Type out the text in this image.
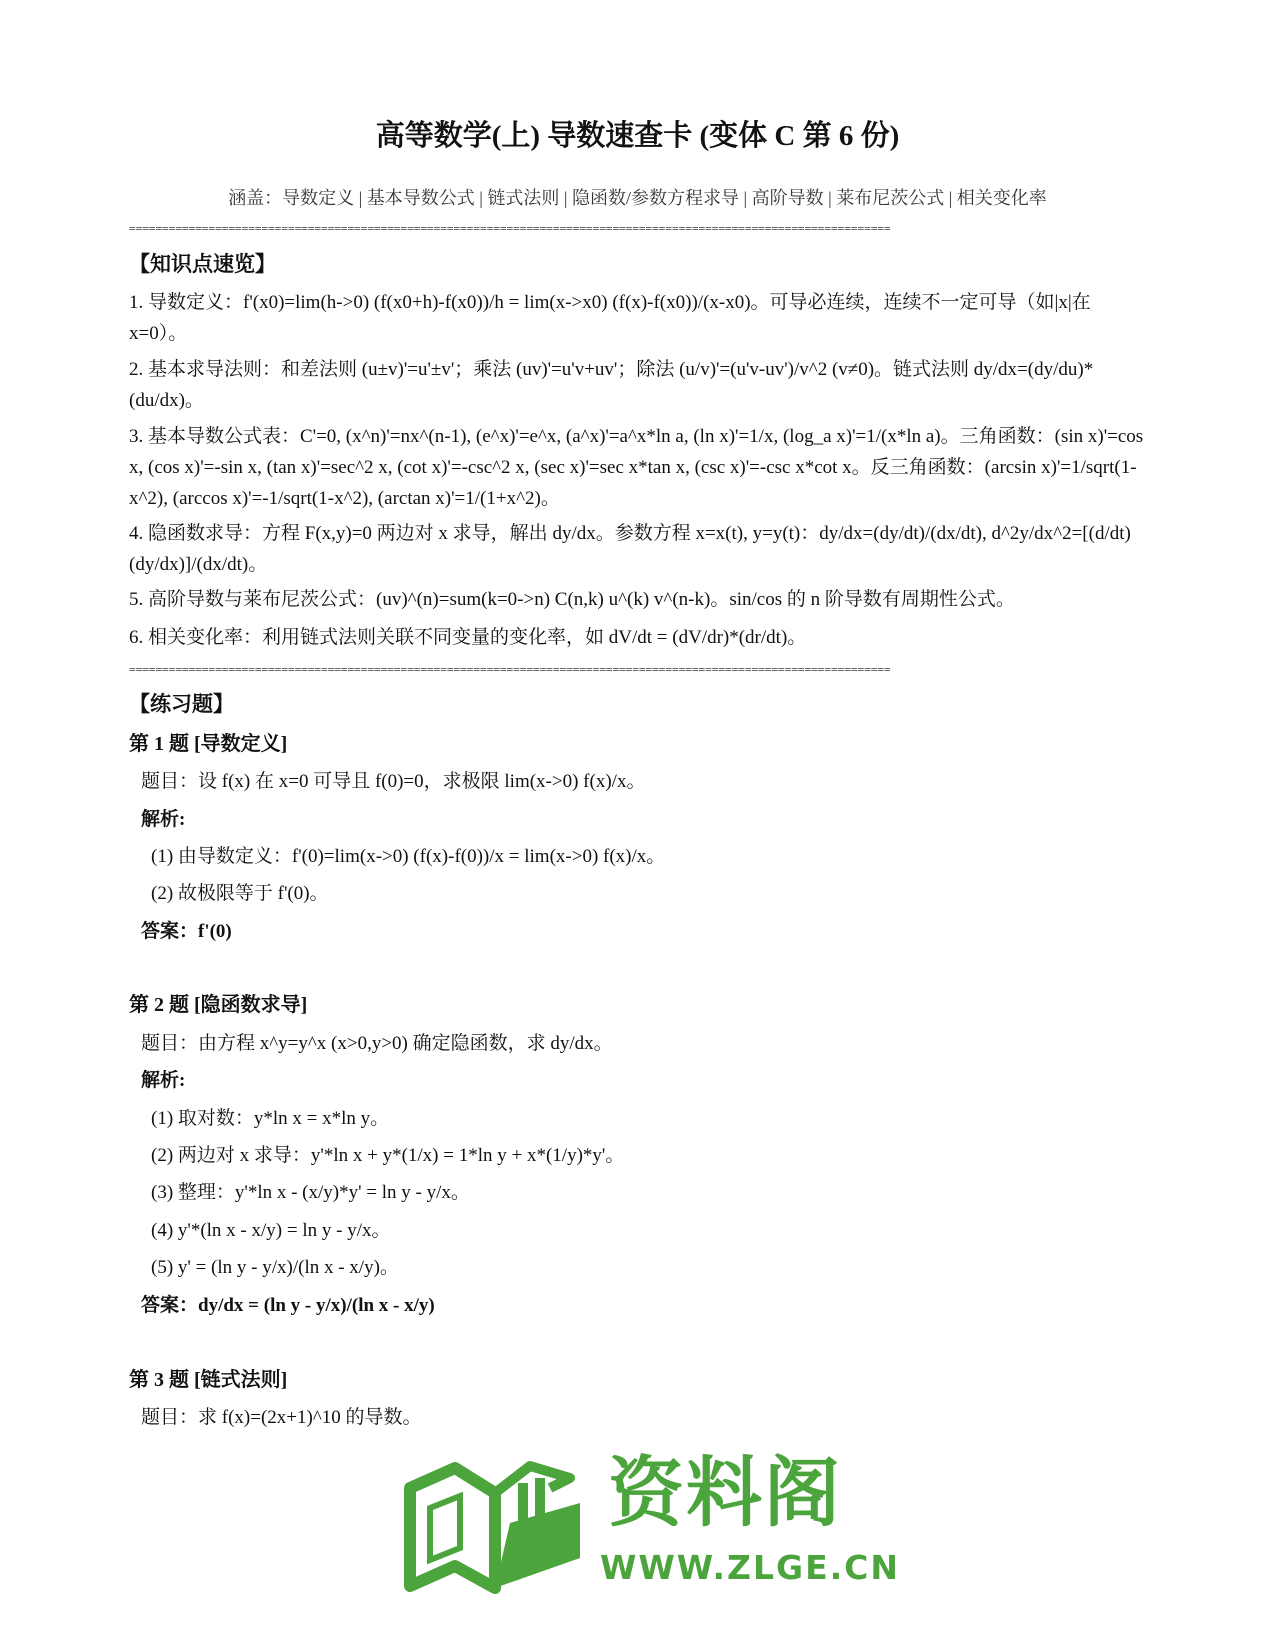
高等数学(上) 导数速查卡 (变体 C 第 6 份)
涵盖：导数定义 | 基本导数公式 | 链式法则 | 隐函数/参数方程求导 | 高阶导数 | 莱布尼茨公式 | 相关变化率
===================================================================================================================
【知识点速览】
1. 导数定义：f'(x0)=lim(h->0) (f(x0+h)-f(x0))/h = lim(x->x0) (f(x)-f(x0))/(x-x0)。可导必连续，连续不一定可导（如|x|在 x=0）。
2. 基本求导法则：和差法则 (u±v)'=u'±v'；乘法 (uv)'=u'v+uv'；除法 (u/v)'=(u'v-uv')/v^2 (v≠0)。链式法则 dy/dx=(dy/du)*(du/dx)。
3. 基本导数公式表：C'=0, (x^n)'=nx^(n-1), (e^x)'=e^x, (a^x)'=a^x*ln a, (ln x)'=1/x, (log_a x)'=1/(x*ln a)。三角函数：(sin x)'=cos x, (cos x)'=-sin x, (tan x)'=sec^2 x, (cot x)'=-csc^2 x, (sec x)'=sec x*tan x, (csc x)'=-csc x*cot x。反三角函数：(arcsin x)'=1/sqrt(1-x^2), (arccos x)'=-1/sqrt(1-x^2), (arctan x)'=1/(1+x^2)。
4. 隐函数求导：方程 F(x,y)=0 两边对 x 求导，解出 dy/dx。参数方程 x=x(t), y=y(t)：dy/dx=(dy/dt)/(dx/dt), d^2y/dx^2=[(d/dt)(dy/dx)]/(dx/dt)。
5. 高阶导数与莱布尼茨公式：(uv)^(n)=sum(k=0->n) C(n,k) u^(k) v^(n-k)。sin/cos 的 n 阶导数有周期性公式。
6. 相关变化率：利用链式法则关联不同变量的变化率，如 dV/dt = (dV/dr)*(dr/dt)。
===================================================================================================================
【练习题】
第 1 题 [导数定义]
题目：设 f(x) 在 x=0 可导且 f(0)=0，求极限 lim(x->0) f(x)/x。
解析:
(1) 由导数定义：f'(0)=lim(x->0) (f(x)-f(0))/x = lim(x->0) f(x)/x。
(2) 故极限等于 f'(0)。
答案：f'(0)
第 2 题 [隐函数求导]
题目：由方程 x^y=y^x (x>0,y>0) 确定隐函数，求 dy/dx。
解析:
(1) 取对数：y*ln x = x*ln y。
(2) 两边对 x 求导：y'*ln x + y*(1/x) = 1*ln y + x*(1/y)*y'。
(3) 整理：y'*ln x - (x/y)*y' = ln y - y/x。
(4) y'*(ln x - x/y) = ln y - y/x。
(5) y' = (ln y - y/x)/(ln x - x/y)。
答案：dy/dx = (ln y - y/x)/(ln x - x/y)
第 3 题 [链式法则]
题目：求 f(x)=(2x+1)^10 的导数。
资料阁
WWW.ZLGE.CN
